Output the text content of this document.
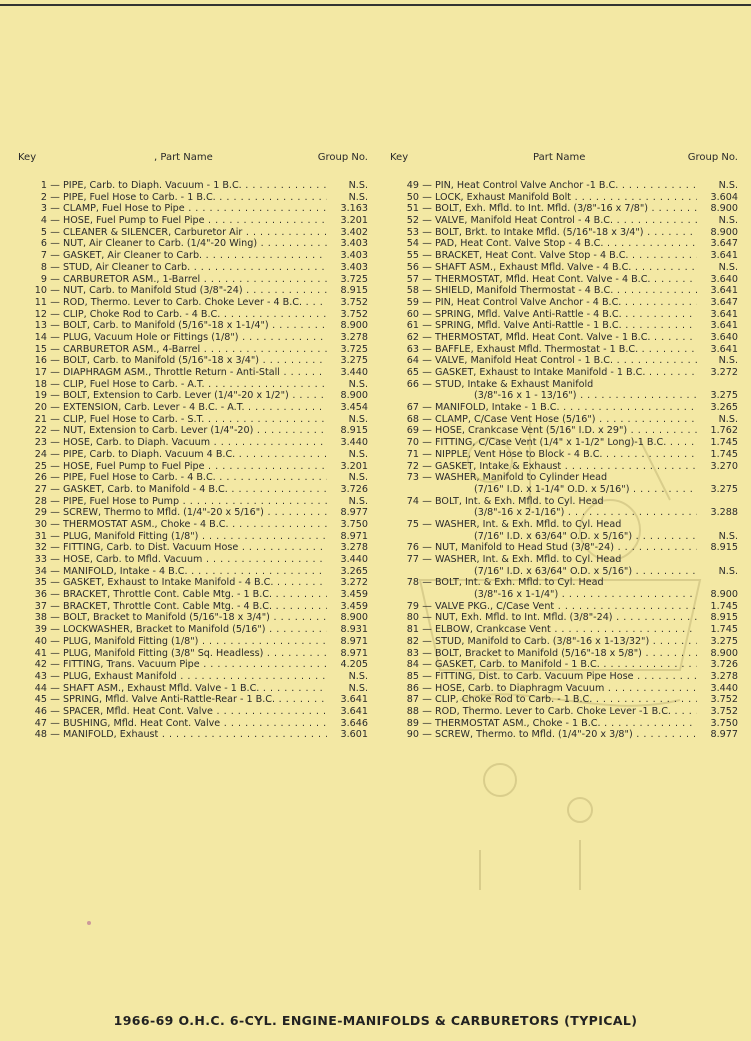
Key	, Part Name	Group No.
1 — PIPE, Carb. to Diaph. Vacuum - 1 B.C. . . .	N.S.
2 — PIPE, Fuel Hose to Carb. - 1 B.C. . . .	N.S.
3 — CLAMP, Fuel Hose to Pipe . . .	3.163
4 — HOSE, Fuel Pump to Fuel Pipe . . .	3.201
5 — CLEANER & SILENCER, Carburetor Air . . .	3.402
6 — NUT, Air Cleaner to Carb. (1/4"-20 Wing) . . .	3.403
7 — GASKET, Air Cleaner to Carb. . . .	3.403
8 — STUD, Air Cleaner to Carb. . . .	3.403
9 — CARBURETOR ASM., 1-Barrel . . .	3.725
10 — NUT, Carb. to Manifold Stud (3/8"-24) . . .	8.915
11 — ROD, Thermo. Lever to Carb. Choke Lever - 4 B.C. . . .	3.752
12 — CLIP, Choke Rod to Carb. - 4 B.C. . . .	3.752
13 — BOLT, Carb. to Manifold (5/16"-18 x 1-1/4") . . .	8.900
14 — PLUG, Vacuum Hole or Fittings (1/8") . . .	3.278
15 — CARBURETOR ASM., 4-Barrel . . .	3.725
16 — BOLT, Carb. to Manifold (5/16"-18 x 3/4") . . .	3.275
17 — DIAPHRAGM ASM., Throttle Return - Anti-Stall . . .	3.440
18 — CLIP, Fuel Hose to Carb. - A.T. . . .	N.S.
19 — BOLT, Extension to Carb. Lever (1/4"-20 x 1/2") . . .	8.900
20 — EXTENSION, Carb. Lever - 4 B.C. - A.T. . . .	3.454
21 — CLIP, Fuel Hose to Carb. - S.T. . . .	N.S.
22 — NUT, Extension to Carb. Lever (1/4"-20) . . .	8.915
23 — HOSE, Carb. to Diaph. Vacuum . . .	3.440
24 — PIPE, Carb. to Diaph. Vacuum 4 B.C. . . .	N.S.
25 — HOSE, Fuel Pump to Fuel Pipe . . .	3.201
26 — PIPE, Fuel Hose to Carb. - 4 B.C. . . .	N.S.
27 — GASKET, Carb. to Manifold - 4 B.C. . . .	3.726
28 — PIPE, Fuel Hose to Pump . . .	N.S.
29 — SCREW, Thermo to Mfld. (1/4"-20 x 5/16") . . .	8.977
30 — THERMOSTAT ASM., Choke - 4 B.C. . . .	3.750
31 — PLUG, Manifold Fitting (1/8") . . .	8.971
32 — FITTING, Carb. to Dist. Vacuum Hose . . .	3.278
33 — HOSE, Carb. to Mfld. Vacuum . . .	3.440
34 — MANIFOLD, Intake - 4 B.C. . . .	3.265
35 — GASKET, Exhaust to Intake Manifold - 4 B.C. . . .	3.272
36 — BRACKET, Throttle Cont. Cable Mtg. - 1 B.C. . . .	3.459
37 — BRACKET, Throttle Cont. Cable Mtg. - 4 B.C. . . .	3.459
38 — BOLT, Bracket to Manifold (5/16"-18 x 3/4") . . .	8.900
39 — LOCKWASHER, Bracket to Manifold (5/16") . . .	8.931
40 — PLUG, Manifold Fitting (1/8") . . .	8.971
41 — PLUG, Manifold Fitting (3/8" Sq. Headless) . . .	8.971
42 — FITTING, Trans. Vacuum Pipe . . .	4.205
43 — PLUG, Exhaust Manifold . . .	N.S.
44 — SHAFT ASM., Exhaust Mfld. Valve - 1 B.C. . . .	N.S.
45 — SPRING, Mfld. Valve Anti-Rattle-Rear - 1 B.C. . . .	3.641
46 — SPACER, Mfld. Heat Cont. Valve . . .	3.641
47 — BUSHING, Mfld. Heat Cont. Valve . . .	3.646
48 — MANIFOLD, Exhaust . . .	3.601
Key	Part Name	Group No.
49 — PIN, Heat Control Valve Anchor -1 B.C. . . .	N.S.
50 — LOCK, Exhaust Manifold Bolt . . .	3.604
51 — BOLT, Exh. Mfld. to Int. Mfld. (3/8"-16 x 7/8") . . .	8.900
52 — VALVE, Manifold Heat Control - 4 B.C. . . .	N.S.
53 — BOLT, Brkt. to Intake Mfld. (5/16"-18 x 3/4") . . .	8.900
54 — PAD, Heat Cont. Valve Stop - 4 B.C. . . .	3.647
55 — BRACKET, Heat Cont. Valve Stop - 4 B.C. . . .	3.641
56 — SHAFT ASM., Exhaust Mfld. Valve - 4 B.C. . . .	N.S.
57 — THERMOSTAT, Mfld. Heat Cont. Valve - 4 B.C. . . .	3.640
58 — SHIELD, Manifold Thermostat - 4 B.C. . . .	3.641
59 — PIN, Heat Control Valve Anchor - 4 B.C. . . .	3.647
60 — SPRING, Mfld. Valve Anti-Rattle - 4 B.C. . . .	3.641
61 — SPRING, Mfld. Valve Anti-Rattle - 1 B.C. . . .	3.641
62 — THERMOSTAT, Mfld. Heat Cont. Valve - 1 B.C. . . .	3.640
63 — BAFFLE, Exhaust Mfld. Thermostat - 1 B.C. . . .	3.641
64 — VALVE, Manifold Heat Control - 1 B.C. . . .	N.S.
65 — GASKET, Exhaust to Intake Manifold - 1 B.C. . . .	3.272
66 — STUD, Intake & Exhaust Manifold
(3/8"-16 x 1 - 13/16") . . .	3.275
67 — MANIFOLD, Intake - 1 B.C. . . .	3.265
68 — CLAMP, C/Case Vent Hose (5/16") . . .	N.S.
69 — HOSE, Crankcase Vent (5/16" I.D. x 29") . . .	1.762
70 — FITTING, C/Case Vent (1/4" x 1-1/2" Long)-1 B.C. . . .	1.745
71 — NIPPLE, Vent Hose to Block - 4 B.C. . . .	1.745
72 — GASKET, Intake & Exhaust . . .	3.270
73 — WASHER, Manifold to Cylinder Head
(7/16" I.D. x 1-1/4" O.D. x 5/16") . . .	3.275
74 — BOLT, Int. & Exh. Mfld. to Cyl. Head
(3/8"-16 x 2-1/16") . . .	3.288
75 — WASHER, Int. & Exh. Mfld. to Cyl. Head
(7/16" I.D. x 63/64" O.D. x 5/16") . . .	N.S.
76 — NUT, Manifold to Head Stud (3/8"-24) . . .	8.915
77 — WASHER, Int. & Exh. Mfld. to Cyl. Head
(7/16" I.D. x 63/64" O.D. x 5/16") . . .	N.S.
78 — BOLT, Int. & Exh. Mfld. to Cyl. Head
(3/8"-16 x 1-1/4") . . .	8.900
79 — VALVE PKG., C/Case Vent . . .	1.745
80 — NUT, Exh. Mfld. to Int. Mfld. (3/8"-24) . . .	8.915
81 — ELBOW, Crankcase Vent . . .	1.745
82 — STUD, Manifold to Carb. (3/8"-16 x 1-13/32") . . .	3.275
83 — BOLT, Bracket to Manifold (5/16"-18 x 5/8") . . .	8.900
84 — GASKET, Carb. to Manifold - 1 B.C. . . .	3.726
85 — FITTING, Dist. to Carb. Vacuum Pipe Hose . . .	3.278
86 — HOSE, Carb. to Diaphragm Vacuum . . .	3.440
87 — CLIP, Choke Rod to Carb. - 1 B.C. . . .	3.752
88 — ROD, Thermo. Lever to Carb. Choke Lever -1 B.C. . . .	3.752
89 — THERMOSTAT ASM., Choke - 1 B.C. . . .	3.750
90 — SCREW, Thermo. to Mfld. (1/4"-20 x 3/8") . . .	8.977
1966-69 O.H.C. 6-CYL. ENGINE-MANIFOLDS & CARBURETORS (TYPICAL)
